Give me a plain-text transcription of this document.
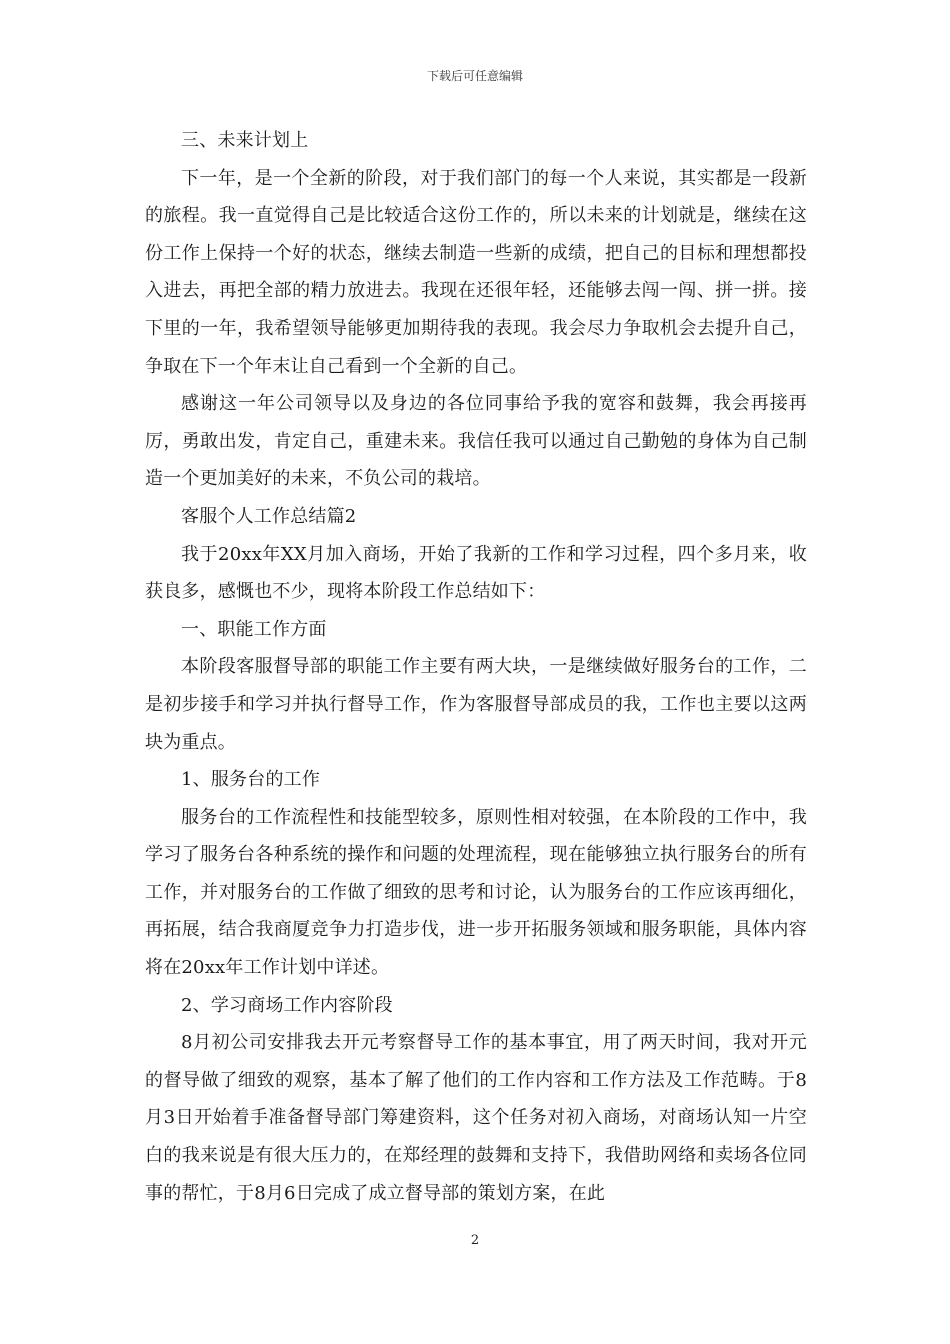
下载后可任意编辑

三、未来计划上

下一年，是一个全新的阶段，对于我们部门的每一个人来说，其实都是一段新的旅程。我一直觉得自己是比较适合这份工作的，所以未来的计划就是，继续在这份工作上保持一个好的状态，继续去制造一些新的成绩，把自己的目标和理想都投入进去，再把全部的精力放进去。我现在还很年轻，还能够去闯一闯、拼一拼。接下里的一年，我希望领导能够更加期待我的表现。我会尽力争取机会去提升自己，争取在下一个年末让自己看到一个全新的自己。

感谢这一年公司领导以及身边的各位同事给予我的宽容和鼓舞，我会再接再厉，勇敢出发，肯定自己，重建未来。我信任我可以通过自己勤勉的身体为自己制造一个更加美好的未来，不负公司的栽培。

客服个人工作总结篇2

我于20xx年XX月加入商场，开始了我新的工作和学习过程，四个多月来，收获良多，感慨也不少，现将本阶段工作总结如下：

一、职能工作方面

本阶段客服督导部的职能工作主要有两大块，一是继续做好服务台的工作，二是初步接手和学习并执行督导工作，作为客服督导部成员的我，工作也主要以这两块为重点。

1、服务台的工作

服务台的工作流程性和技能型较多，原则性相对较强，在本阶段的工作中，我学习了服务台各种系统的操作和问题的处理流程，现在能够独立执行服务台的所有工作，并对服务台的工作做了细致的思考和讨论，认为服务台的工作应该再细化，再拓展，结合我商厦竞争力打造步伐，进一步开拓服务领域和服务职能，具体内容将在20xx年工作计划中详述。

2、学习商场工作内容阶段

8月初公司安排我去开元考察督导工作的基本事宜，用了两天时间，我对开元的督导做了细致的观察，基本了解了他们的工作内容和工作方法及工作范畴。于8月3日开始着手准备督导部门筹建资料，这个任务对初入商场，对商场认知一片空白的我来说是有很大压力的，在郑经理的鼓舞和支持下，我借助网络和卖场各位同事的帮忙，于8月6日完成了成立督导部的策划方案，在此

2
